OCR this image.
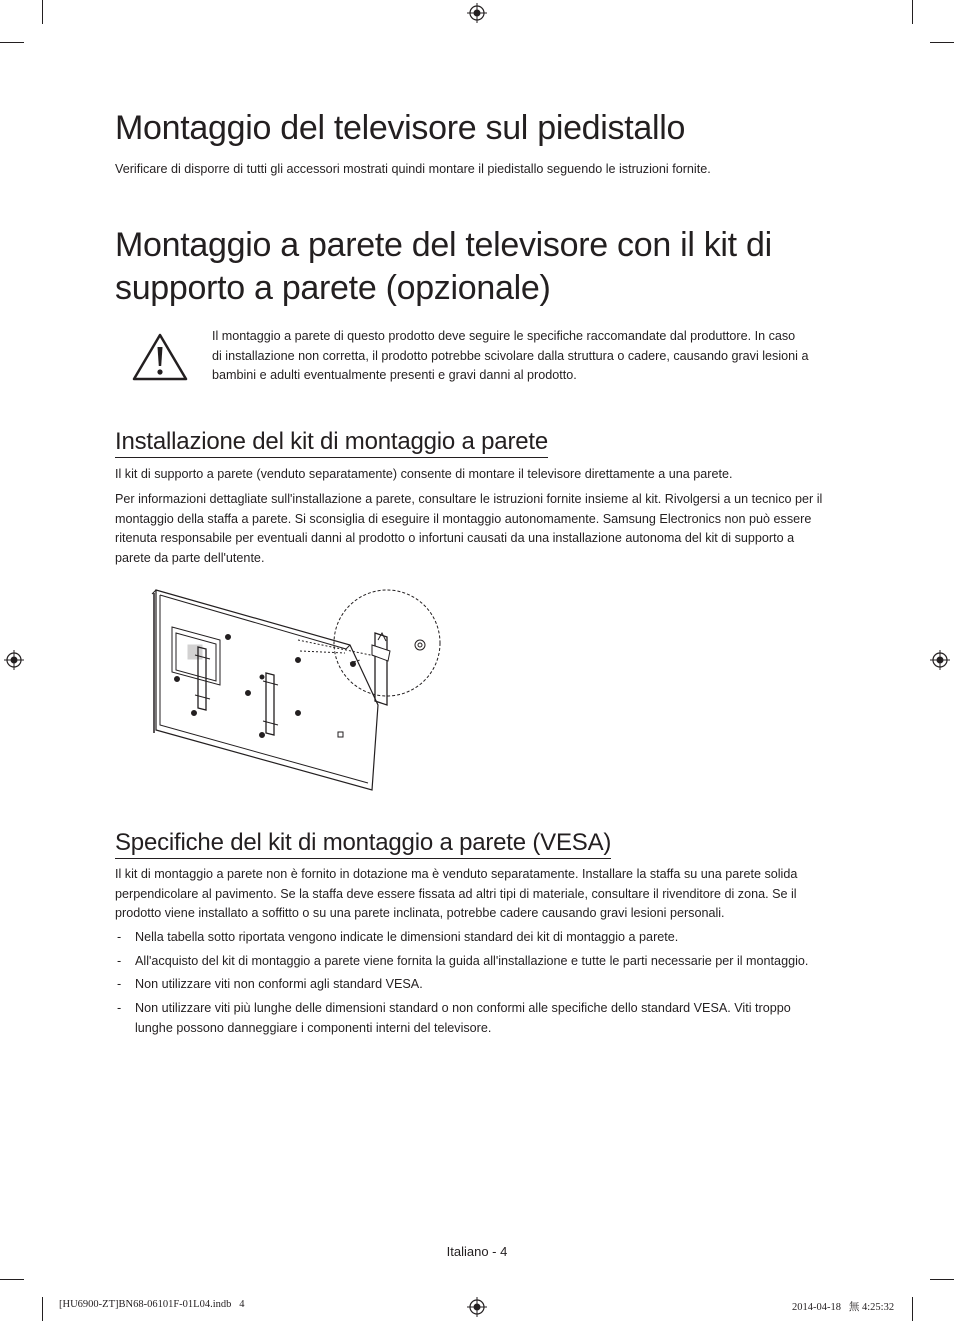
Montaggio del televisore sul piedistallo
Verificare di disporre di tutti gli accessori mostrati quindi montare il piedistallo seguendo le istruzioni fornite.
Montaggio a parete del televisore con il kit di
supporto a parete (opzionale)
Il montaggio a parete di questo prodotto deve seguire le specifiche raccomandate dal produttore. In caso
di installazione non corretta, il prodotto potrebbe scivolare dalla struttura o cadere, causando gravi lesioni a
bambini e adulti eventualmente presenti e gravi danni al prodotto.
Installazione del kit di montaggio a parete
Il kit di supporto a parete (venduto separatamente) consente di montare il televisore direttamente a una parete.
Per informazioni dettagliate sull'installazione a parete, consultare le istruzioni fornite insieme al kit. Rivolgersi a un tecnico per il
montaggio della staffa a parete. Si sconsiglia di eseguire il montaggio autonomamente. Samsung Electronics non può essere
ritenuta responsabile per eventuali danni al prodotto o infortuni causati da una installazione autonoma del kit di supporto a
parete da parte dell'utente.
Specifiche del kit di montaggio a parete (VESA)
Il kit di montaggio a parete non è fornito in dotazione ma è venduto separatamente. Installare la staffa su una parete solida
perpendicolare al pavimento. Se la staffa deve essere fissata ad altri tipi di materiale, consultare il rivenditore di zona. Se il
prodotto viene installato a soffitto o su una parete inclinata, potrebbe cadere causando gravi lesioni personali.
- Nella tabella sotto riportata vengono indicate le dimensioni standard dei kit di montaggio a parete.
- All'acquisto del kit di montaggio a parete viene fornita la guida all'installazione e tutte le parti necessarie per il montaggio.
- Non utilizzare viti non conformi agli standard VESA.
- Non utilizzare viti più lunghe delle dimensioni standard o non conformi alle specifiche dello standard VESA. Viti troppo
lunghe possono danneggiare i componenti interni del televisore.
Italiano - 4
[HU6900-ZT]BN68-06101F-01L04.indb   4	2014-04-18   無 4:25:32
